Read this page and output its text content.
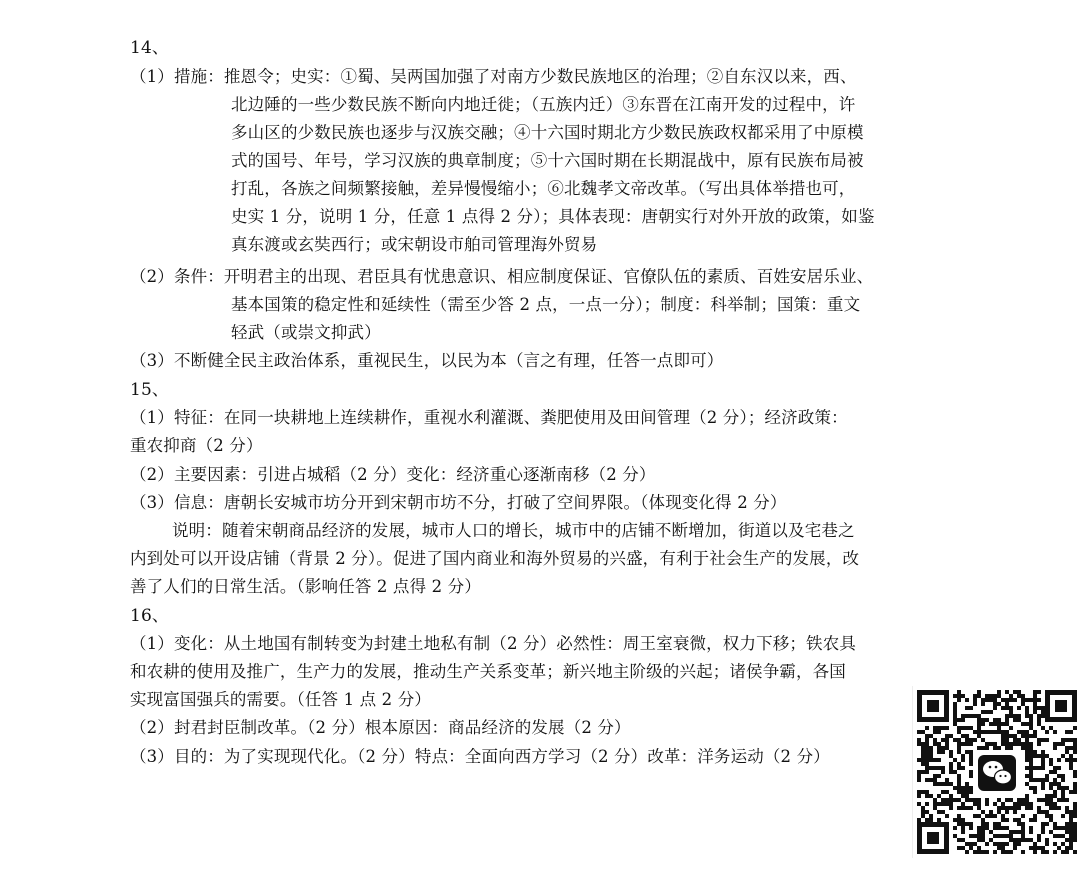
14、
（1）措施：推恩令；史实：①蜀、吴两国加强了对南方少数民族地区的治理；②自东汉以来，西、
北边陲的一些少数民族不断向内地迁徙；（五族内迁）③东晋在江南开发的过程中，许
多山区的少数民族也逐步与汉族交融；④十六国时期北方少数民族政权都采用了中原模
式的国号、年号，学习汉族的典章制度；⑤十六国时期在长期混战中，原有民族布局被
打乱，各族之间频繁接触，差异慢慢缩小；⑥北魏孝文帝改革。（写出具体举措也可，
史实 1 分，说明 1 分，任意 1 点得 2 分）；具体表现：唐朝实行对外开放的政策，如鉴
真东渡或玄奘西行；或宋朝设市舶司管理海外贸易
（2）条件：开明君主的出现、君臣具有忧患意识、相应制度保证、官僚队伍的素质、百姓安居乐业、
基本国策的稳定性和延续性（需至少答 2 点，一点一分）；制度：科举制；国策：重文
轻武（或崇文抑武）
（3）不断健全民主政治体系，重视民生，以民为本（言之有理，任答一点即可）
15、
（1）特征：在同一块耕地上连续耕作，重视水利灌溉、粪肥使用及田间管理（2 分）；经济政策：
重农抑商（2 分）
（2）主要因素：引进占城稻（2 分）变化：经济重心逐渐南移（2 分）
（3）信息：唐朝长安城市坊分开到宋朝市坊不分，打破了空间界限。（体现变化得 2 分）
说明：随着宋朝商品经济的发展，城市人口的增长，城市中的店铺不断增加，街道以及宅巷之
内到处可以开设店铺（背景 2 分）。促进了国内商业和海外贸易的兴盛，有利于社会生产的发展，改
善了人们的日常生活。（影响任答 2 点得 2 分）
16、
（1）变化：从土地国有制转变为封建土地私有制（2 分）必然性：周王室衰微，权力下移；铁农具
和农耕的使用及推广，生产力的发展，推动生产关系变革；新兴地主阶级的兴起；诸侯争霸，各国
实现富国强兵的需要。（任答 1 点 2 分）
（2）封君封臣制改革。（2 分）根本原因：商品经济的发展（2 分）
（3）目的：为了实现现代化。（2 分）特点：全面向西方学习（2 分）改革：洋务运动（2 分）
